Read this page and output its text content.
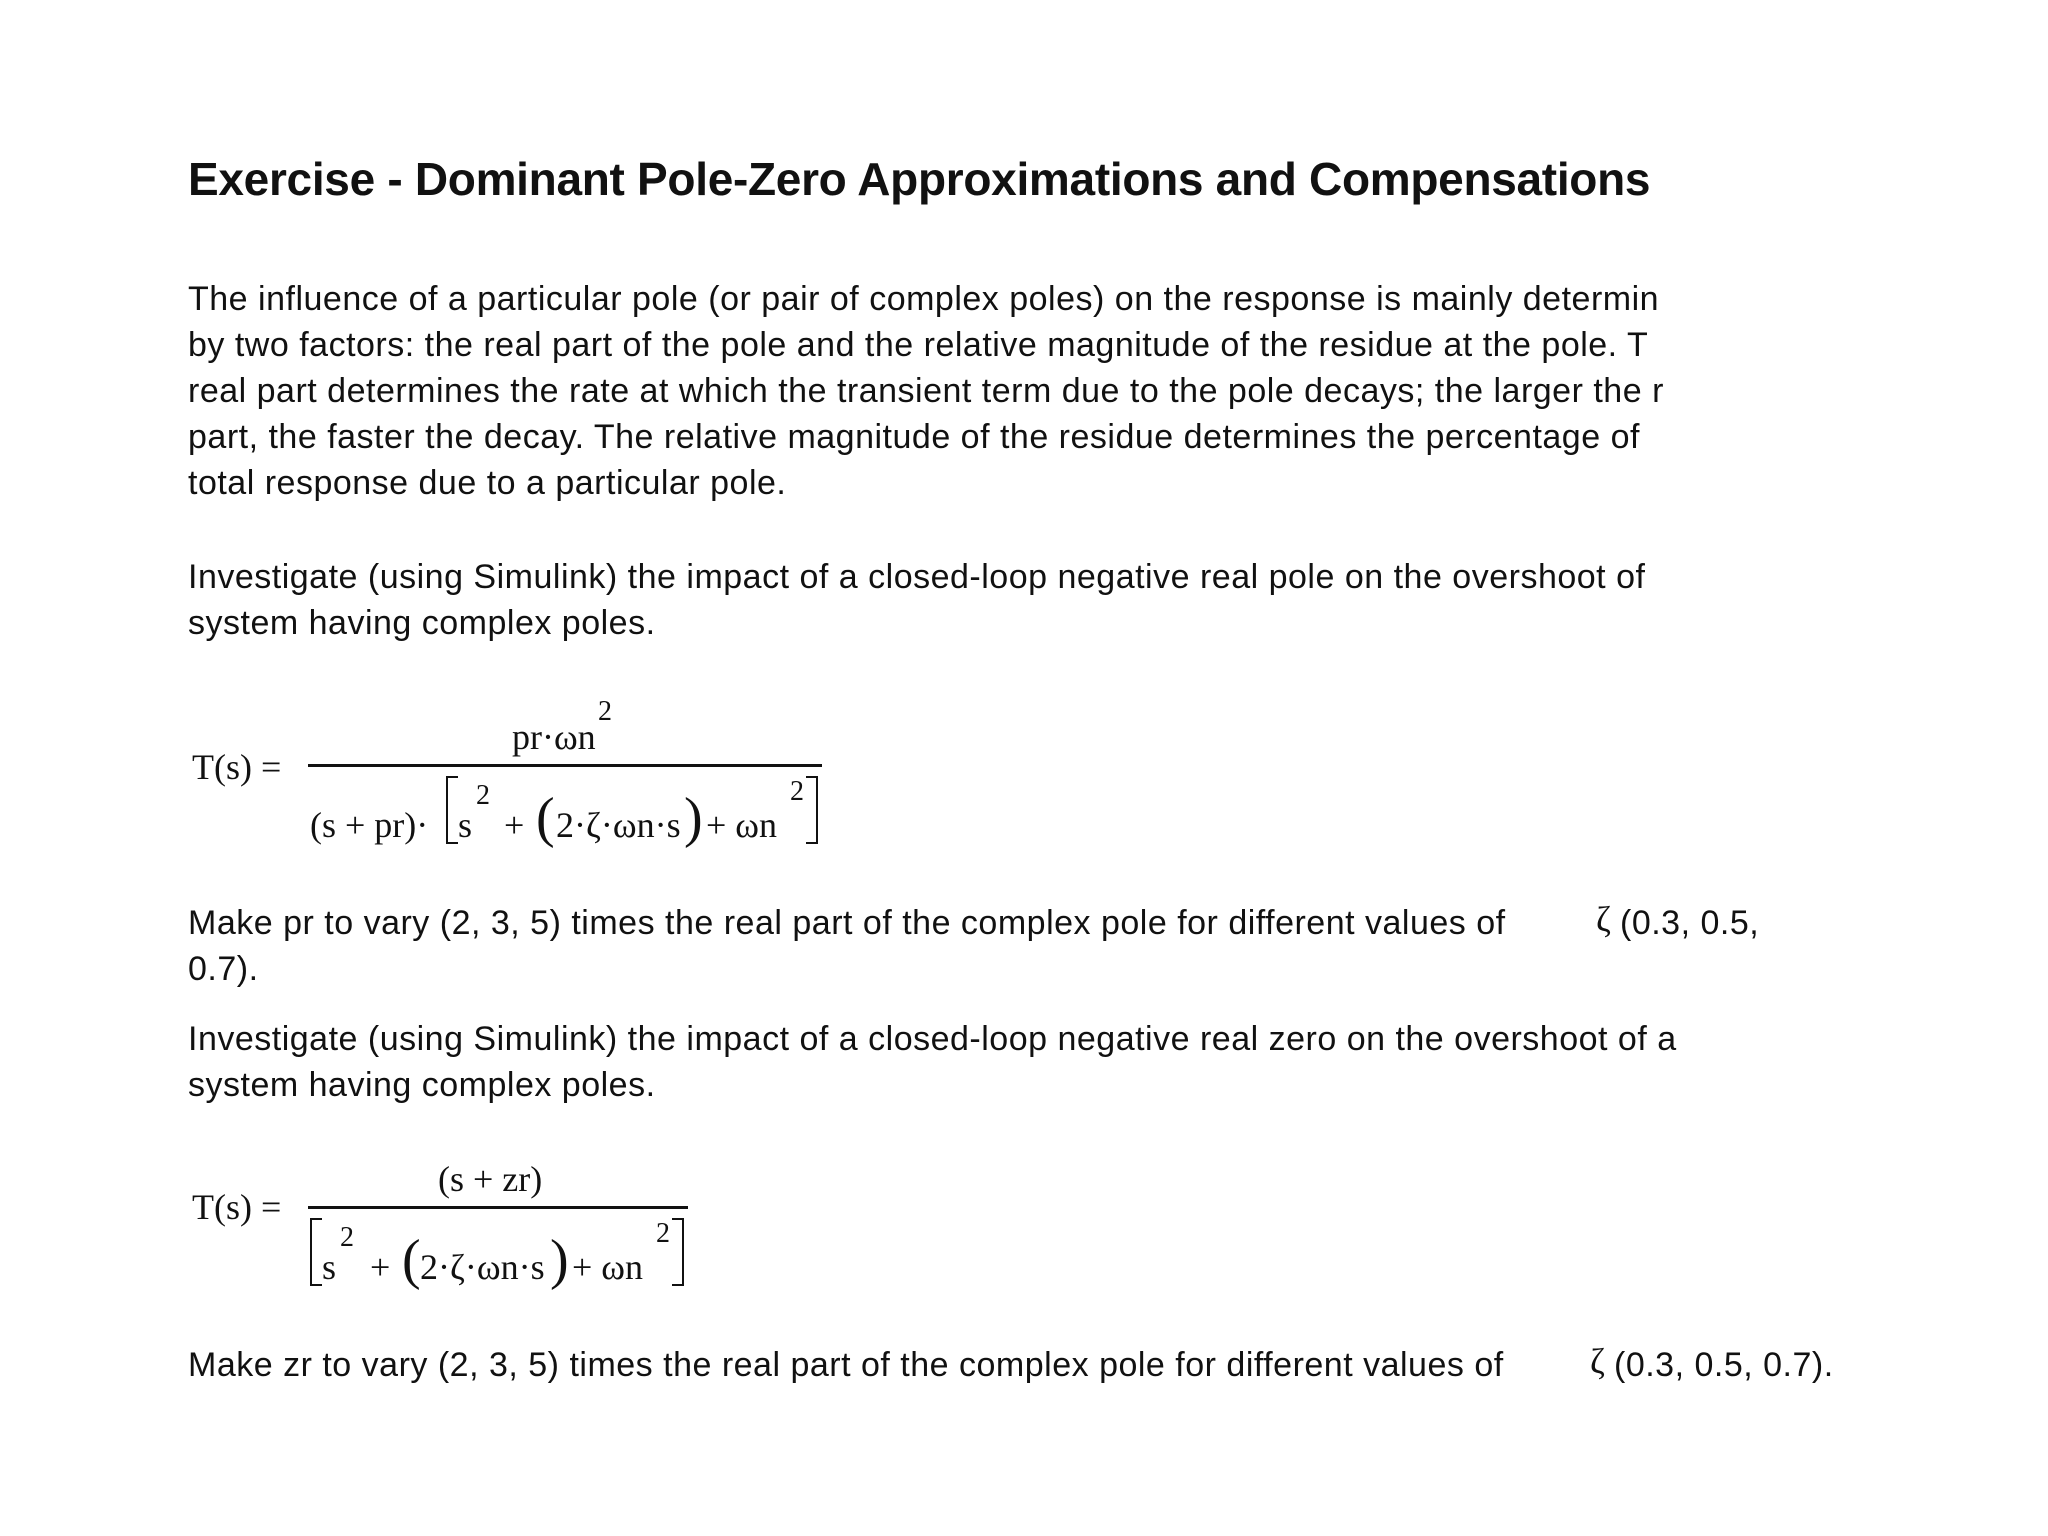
Exercise - Dominant Pole-Zero Approximations and Compensations
The influence of a particular pole (or pair of complex poles) on the response is mainly determin
by two factors: the real part of the pole and the relative magnitude of the residue at the pole. T
real part determines the rate at which the transient term due to the pole decays; the larger the r
part, the faster the decay. The relative magnitude of the residue determines the percentage of
total response due to a particular pole.
Investigate (using Simulink) the impact of a closed-loop negative real pole on the overshoot of
system having complex poles.
T(s) =
pr·ωn
2
(s + pr)· s
2
+ ( 2·ζ·ωn·s ) + ωn
2
Make pr to vary (2, 3, 5) times the real part of the complex pole for different values of
0.7).
ζ (0.3, 0.5,
Investigate (using Simulink) the impact of a closed-loop negative real zero on the overshoot of a
system having complex poles.
T(s) =
(s + zr)
s
2
+ ( 2·ζ·ωn·s ) + ωn
2
Make zr to vary (2, 3, 5) times the real part of the complex pole for different values of	ζ (0.3, 0.5, 0.7).
